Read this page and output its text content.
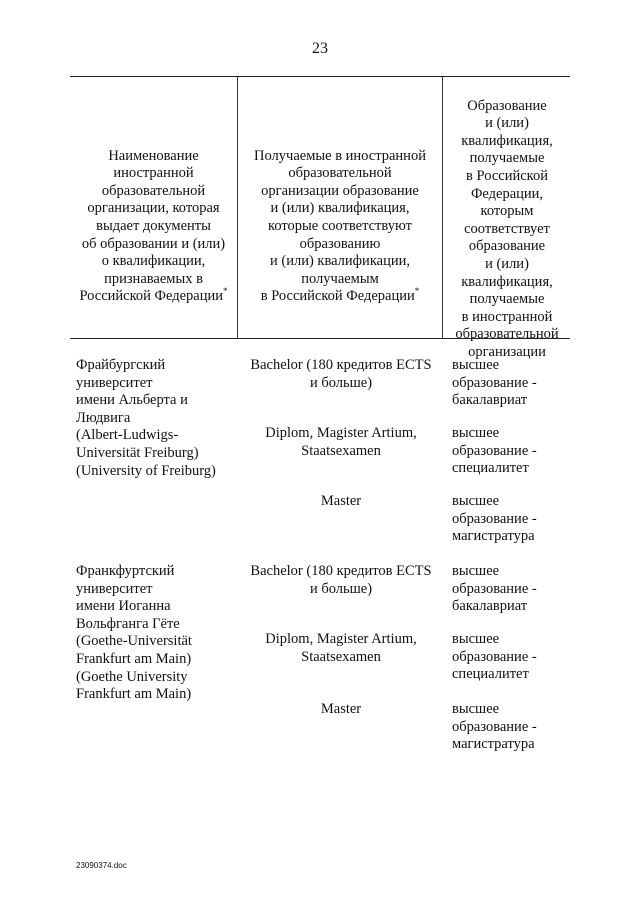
23

Наименование
иностранной
образовательной
организации, которая
выдает документы
об образовании и (или)
о квалификации,
признаваемых в
Российской Федерации*

Получаемые в иностранной
образовательной
организации образование
и (или) квалификация,
которые соответствуют
образованию
и (или) квалификации,
получаемым
в Российской Федерации*

Образование
и (или)
квалификация,
получаемые
в Российской
Федерации,
которым
соответствует
образование
и (или)
квалификация,
получаемые
в иностранной
образовательной
организации

Фрайбургский
университет
имени Альберта и
Людвига
(Albert-Ludwigs-
Universität Freiburg)
(University of Freiburg)
Bachelor (180 кредитов ECTS
и больше)
высшее
образование -
бакалавриат
Diplom, Magister Artium,
Staatsexamen
высшее
образование -
специалитет
Master	высшее
образование -
магистратура
Франкфуртский
университет
имени Иоганна
Вольфганга Гёте
(Goethe-Universität
Frankfurt am Main)
(Goethe University
Frankfurt am Main)
Bachelor (180 кредитов ECTS
и больше)
высшее
образование -
бакалавриат
Diplom, Magister Artium,
Staatsexamen
высшее
образование -
специалитет
Master	высшее
образование -
магистратура
23090374.doc
